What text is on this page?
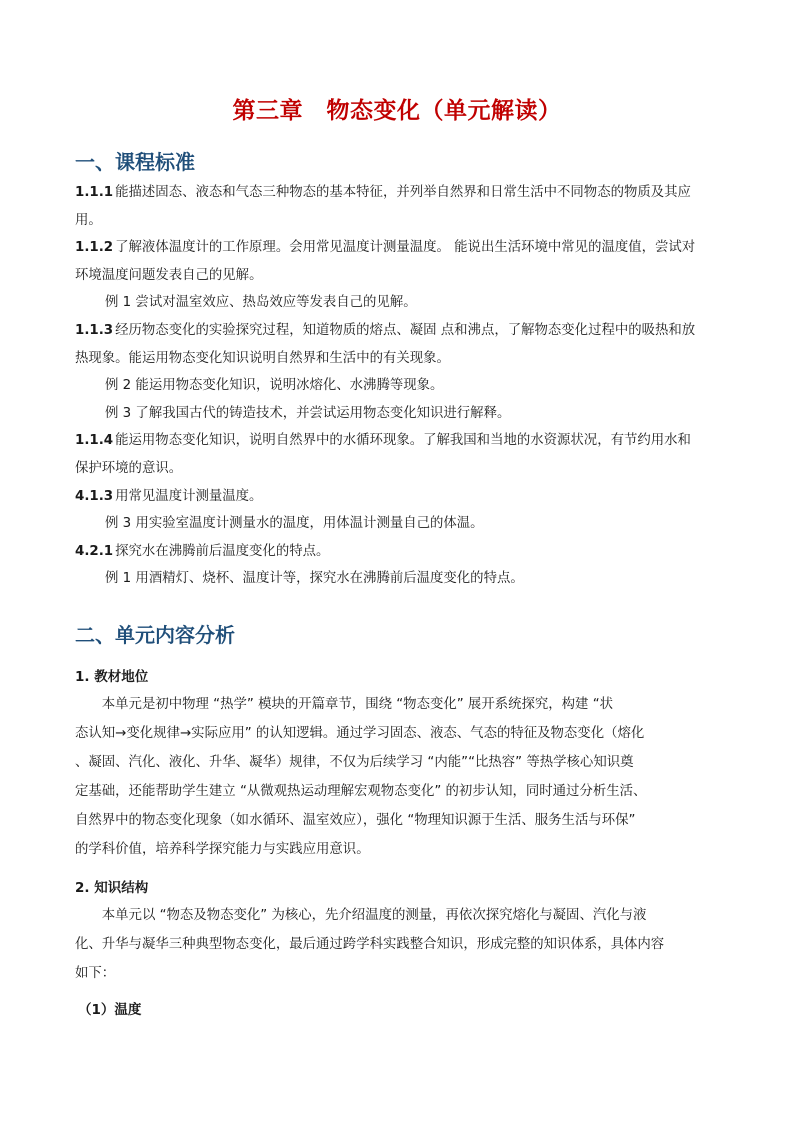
第三章　物态变化（单元解读）
一、课程标准
1.1.1 能描述固态、液态和气态三种物态的基本特征，并列举自然界和日常生活中不同物态的物质及其应
用。
1.1.2 了解液体温度计的工作原理。会用常见温度计测量温度。 能说出生活环境中常见的温度值，尝试对
环境温度问题发表自己的见解。
例 1 尝试对温室效应、热岛效应等发表自己的见解。
1.1.3 经历物态变化的实验探究过程，知道物质的熔点、凝固 点和沸点，了解物态变化过程中的吸热和放
热现象。能运用物态变化知识说明自然界和生活中的有关现象。
例 2 能运用物态变化知识，说明冰熔化、水沸腾等现象。
例 3 了解我国古代的铸造技术，并尝试运用物态变化知识进行解释。
1.1.4 能运用物态变化知识，说明自然界中的水循环现象。了解我国和当地的水资源状况，有节约用水和
保护环境的意识。
4.1.3 用常见温度计测量温度。
例 3 用实验室温度计测量水的温度，用体温计测量自己的体温。
4.2.1 探究水在沸腾前后温度变化的特点。
例 1 用酒精灯、烧杯、温度计等，探究水在沸腾前后温度变化的特点。
二、单元内容分析
1. 教材地位
　　本单元是初中物理 “热学” 模块的开篇章节，围绕 “物态变化” 展开系统探究，构建 “状
态认知→变化规律→实际应用” 的认知逻辑。通过学习固态、液态、气态的特征及物态变化（熔化
、凝固、汽化、液化、升华、凝华）规律，不仅为后续学习 “内能”“比热容” 等热学核心知识奠
定基础，还能帮助学生建立 “从微观热运动理解宏观物态变化” 的初步认知，同时通过分析生活、
自然界中的物态变化现象（如水循环、温室效应），强化 “物理知识源于生活、服务生活与环保”
的学科价值，培养科学探究能力与实践应用意识。
2. 知识结构
　　本单元以 “物态及物态变化” 为核心，先介绍温度的测量，再依次探究熔化与凝固、汽化与液
化、升华与凝华三种典型物态变化，最后通过跨学科实践整合知识，形成完整的知识体系，具体内容
如下：
（1）温度
